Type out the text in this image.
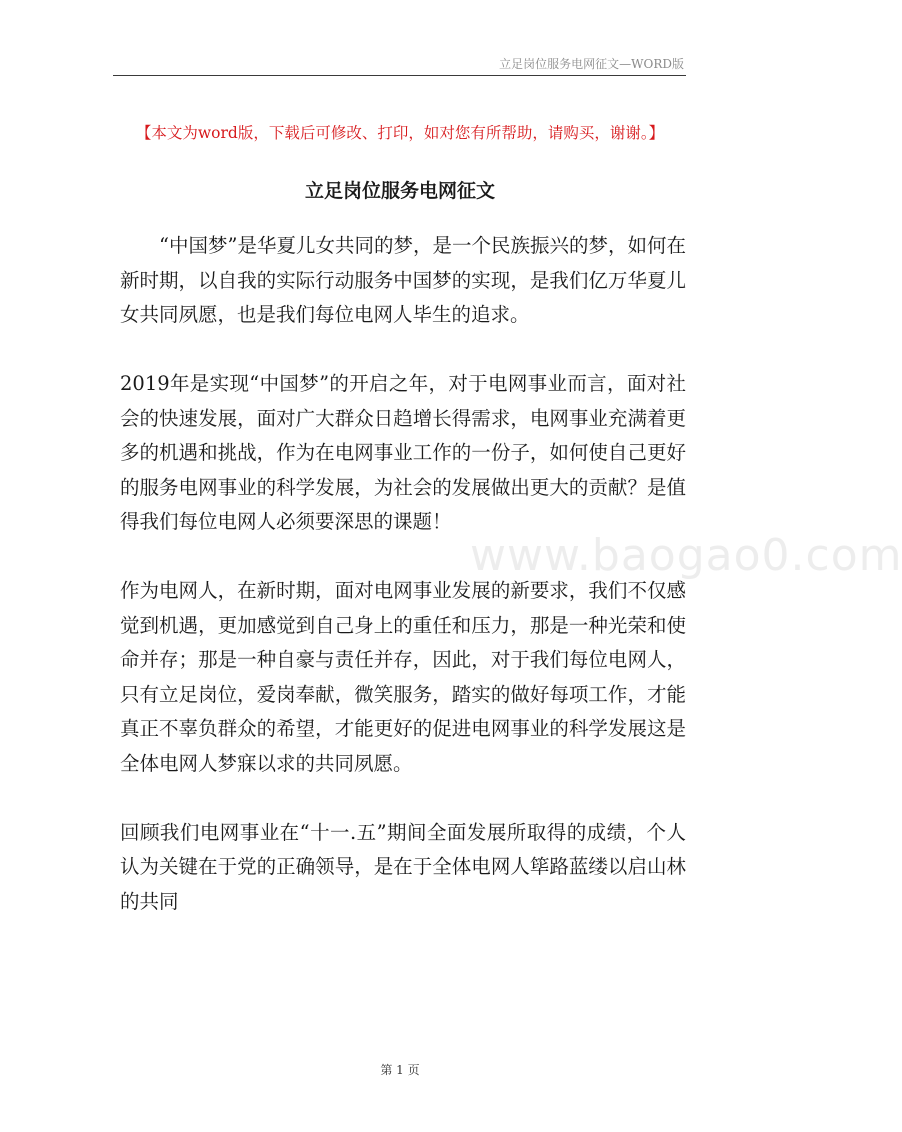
立足岗位服务电网征文—WORD版
【本文为word版，下载后可修改、打印，如对您有所帮助，请购买，谢谢。】
立足岗位服务电网征文
www.baogao0.com

“中国梦”是华夏儿女共同的梦，是一个民族振兴的梦，如何在新时期，以自我的实际行动服务中国梦的实现，是我们亿万华夏儿女共同夙愿，也是我们每位电网人毕生的追求。

2019年是实现“中国梦”的开启之年，对于电网事业而言，面对社会的快速发展，面对广大群众日趋增长得需求，电网事业充满着更多的机遇和挑战，作为在电网事业工作的一份子，如何使自己更好的服务电网事业的科学发展，为社会的发展做出更大的贡献？是值得我们每位电网人必须要深思的课题！

作为电网人，在新时期，面对电网事业发展的新要求，我们不仅感觉到机遇，更加感觉到自己身上的重任和压力，那是一种光荣和使命并存；那是一种自豪与责任并存，因此，对于我们每位电网人，只有立足岗位，爱岗奉献，微笑服务，踏实的做好每项工作，才能真正不辜负群众的希望，才能更好的促进电网事业的科学发展这是全体电网人梦寐以求的共同夙愿。

回顾我们电网事业在“十一.五”期间全面发展所取得的成绩，个人认为关键在于党的正确领导，是在于全体电网人筚路蓝缕以启山林的共同

第 1 页
